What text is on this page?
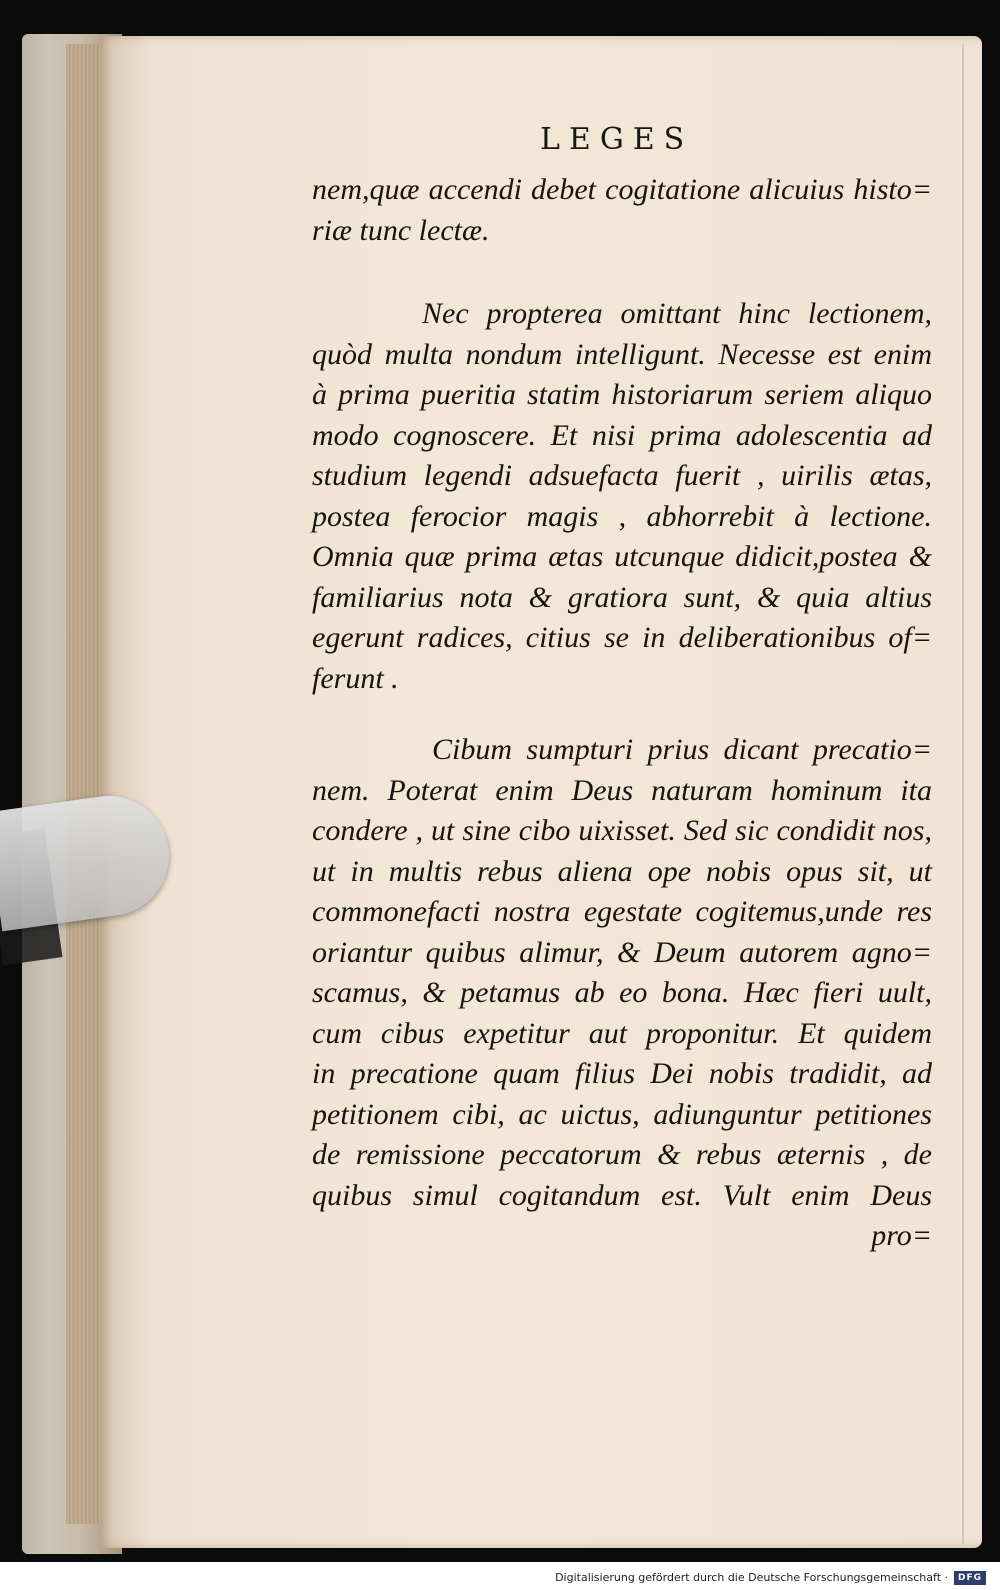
LEGES
nem,quæ accendi debet cogitatione alicuius histo=
riæ tunc lectæ.
Nec propterea omittant hinc lectionem,
quòd multa nondum intelligunt. Necesse est enim
à prima pueritia statim historiarum seriem aliquo
modo cognoscere. Et nisi prima adolescentia ad
studium legendi adsuefacta fuerit , uirilis ætas,
postea ferocior magis , abhorrebit à lectione.
Omnia quæ prima ætas utcunque didicit,postea &
familiarius nota & gratiora sunt, & quia altius
egerunt radices, citius se in deliberationibus of=
ferunt .
Cibum sumpturi prius dicant precatio=
nem. Poterat enim Deus naturam hominum ita
condere , ut sine cibo uixisset. Sed sic condidit nos,
ut in multis rebus aliena ope nobis opus sit, ut
commonefacti nostra egestate cogitemus,unde res
oriantur quibus alimur, & Deum autorem agno=
scamus, & petamus ab eo bona. Hæc fieri uult,
cum cibus expetitur aut proponitur. Et quidem
in precatione quam filius Dei nobis tradidit, ad
petitionem cibi, ac uictus, adiunguntur petitiones
de remissione peccatorum & rebus æternis , de
quibus simul cogitandum est. Vult enim Deus
pro=
Digitalisierung gefördert durch die Deutsche Forschungsgemeinschaft ·	DFG
